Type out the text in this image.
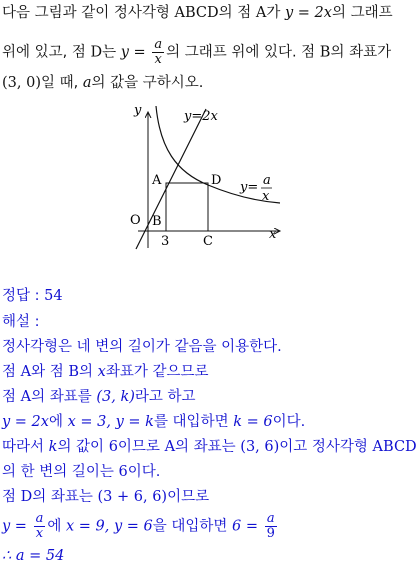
다음 그림과 같이 정사각형 ABCD의 점 A가 y = 2x의 그래프
위에 있고, 점 D는 $y = \frac{a}{x}$ 의 그래프 위에 있다. 점 B의 좌표가
(3, 0)일 때, a의 값을 구하시오.
y
x
O
y=2x
y= a
x
A
B
C
D
3
정답 : 54
해설 :
정사각형은 네 변의 길이가 같음을 이용한다.
점 A와 점 B의 x좌표가 같으므로
점 A의 좌표를 (3, k)라고 하고
y = 2x에 x = 3, y = k를 대입하면 k = 6이다.
따라서 k의 값이 6이므로 A의 좌표는 (3, 6)이고 정사각형 ABCD
의 한 변의 길이는 6이다.
점 D의 좌표는 (3 + 6, 6)이므로
$y = \frac{a}{x}$ 에 x = 9, y = 6을 대입하면 $6 = \frac{a}{9}$
∴ a = 54
